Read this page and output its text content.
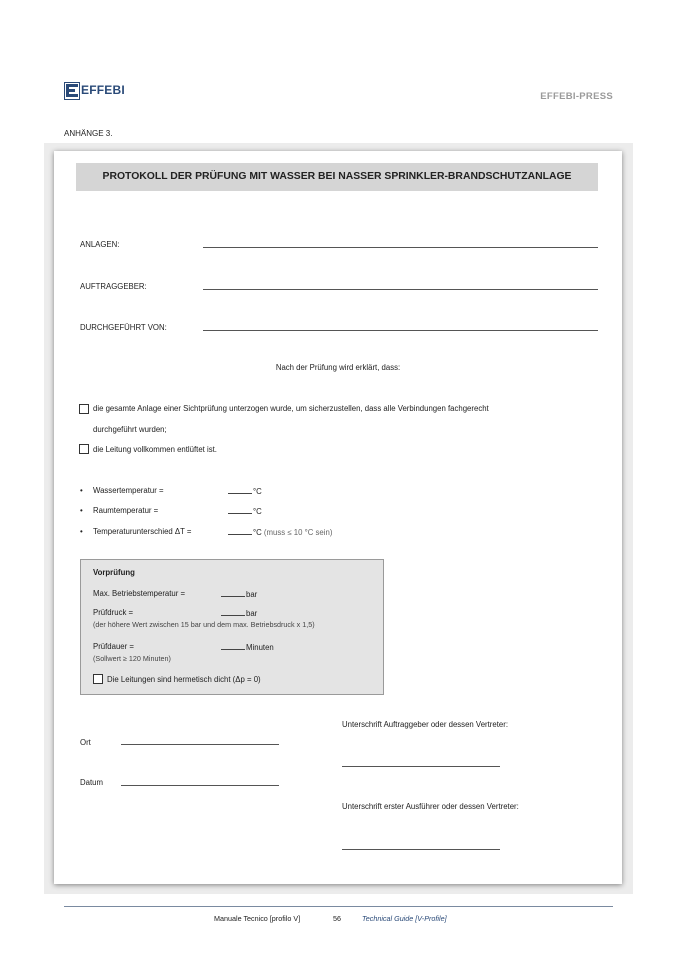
EFFEBI	EFFEBI-PRESS
ANHÄNGE 3.
PROTOKOLL DER PRÜFUNG MIT WASSER BEI NASSER SPRINKLER-BRANDSCHUTZANLAGE
ANLAGEN:
AUFTRAGGEBER:
DURCHGEFÜHRT VON:
Nach der Prüfung wird erklärt, dass:
die gesamte Anlage einer Sichtprüfung unterzogen wurde, um sicherzustellen, dass alle Verbindungen fachgerecht
durchgeführt wurden;
die Leitung vollkommen entlüftet ist.
• Wassertemperatur =	°C
• Raumtemperatur =	°C
• Temperaturunterschied ΔT =	°C (muss ≤ 10 °C sein)
Vorprüfung
Max. Betriebstemperatur =	bar
Prüfdruck =	bar
(der höhere Wert zwischen 15 bar und dem max. Betriebsdruck x 1,5)
Prüfdauer =	Minuten
(Sollwert ≥ 120 Minuten)
Die Leitungen sind hermetisch dicht (Δp = 0)
Unterschrift Auftraggeber oder dessen Vertreter:
Ort
Datum
Unterschrift erster Ausführer oder dessen Vertreter:
Manuale Tecnico [profilo V]	56	Technical Guide [V-Profile]
